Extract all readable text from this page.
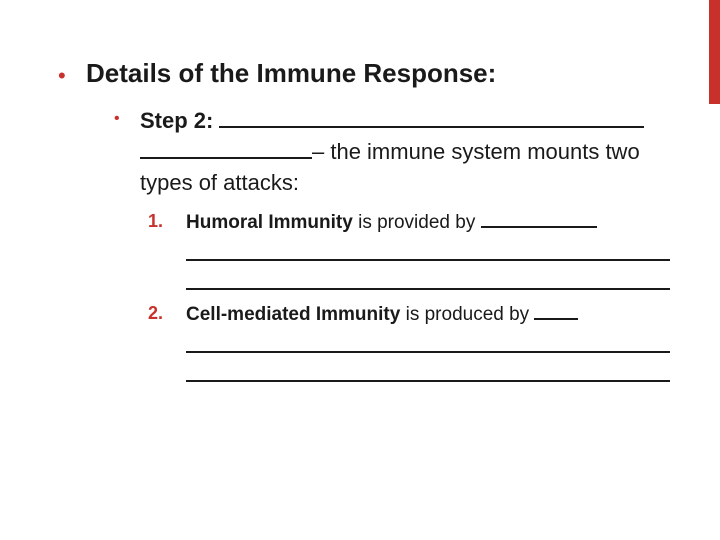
• Details of the Immune Response:
• Step 2:
– the immune system mounts two types of attacks:
1. Humoral Immunity is provided by
2. Cell-mediated Immunity is produced by
